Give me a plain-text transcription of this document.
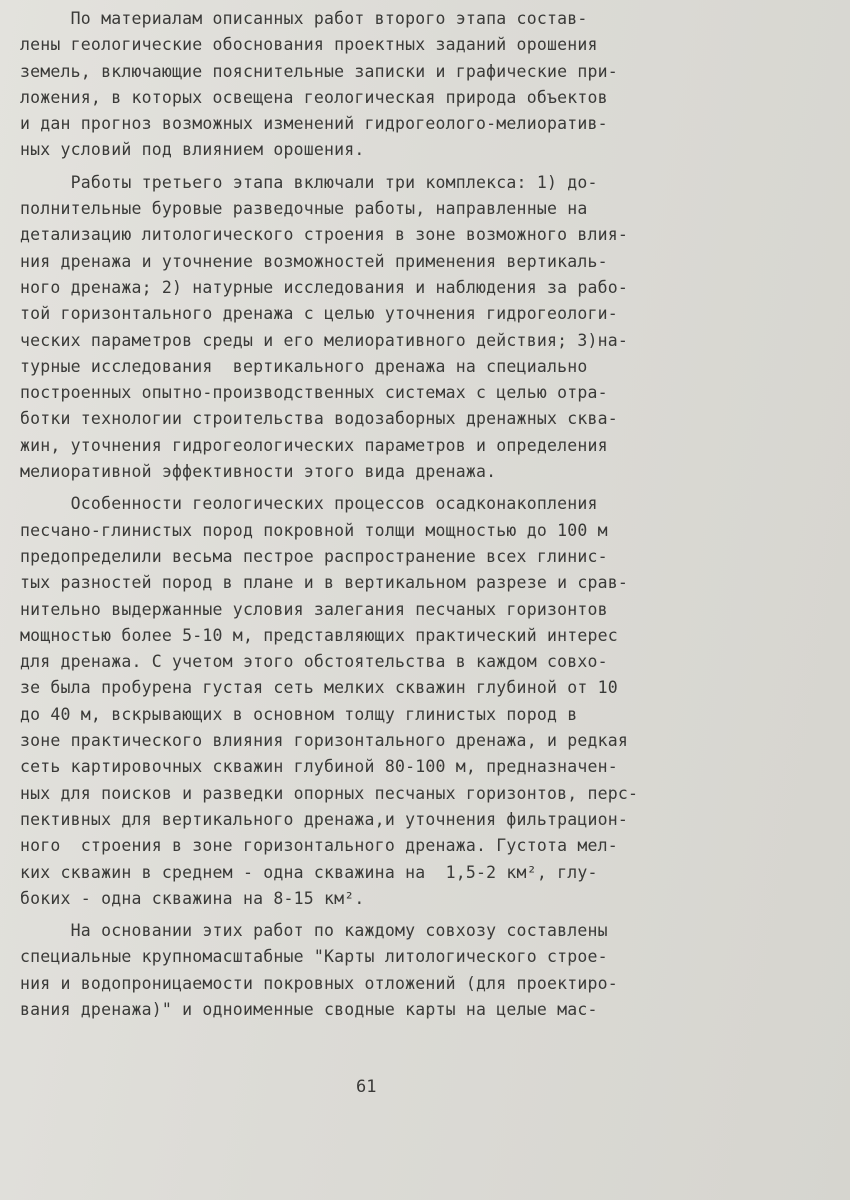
По материалам описанных работ второго этапа состав-
лены геологические обоснования проектных заданий орошения
земель, включающие пояснительные записки и графические при-
ложения, в которых освещена геологическая природа объектов
и дан прогноз возможных изменений гидрогеолого-мелиоратив-
ных условий под влиянием орошения.
Работы третьего этапа включали три комплекса: 1) до-
полнительные буровые разведочные работы, направленные на
детализацию литологического строения в зоне возможного влия-
ния дренажа и уточнение возможностей применения вертикаль-
ного дренажа; 2) натурные исследования и наблюдения за рабо-
той горизонтального дренажа с целью уточнения гидрогеологи-
ческих параметров среды и его мелиоративного действия; 3)на-
турные исследования  вертикального дренажа на специально
построенных опытно-производственных системах с целью отра-
ботки технологии строительства водозаборных дренажных сква-
жин, уточнения гидрогеологических параметров и определения
мелиоративной эффективности этого вида дренажа.
Особенности геологических процессов осадконакопления
песчано-глинистых пород покровной толщи мощностью до 100 м
предопределили весьма пестрое распространение всех глинис-
тых разностей пород в плане и в вертикальном разрезе и срав-
нительно выдержанные условия залегания песчаных горизонтов
мощностью более 5-10 м, представляющих практический интерес
для дренажа. С учетом этого обстоятельства в каждом совхо-
зе была пробурена густая сеть мелких скважин глубиной от 10
до 40 м, вскрывающих в основном толщу глинистых пород в
зоне практического влияния горизонтального дренажа, и редкая
сеть картировочных скважин глубиной 80-100 м, предназначен-
ных для поисков и разведки опорных песчаных горизонтов, перс-
пективных для вертикального дренажа,и уточнения фильтрацион-
ного  строения в зоне горизонтального дренажа. Густота мел-
ких скважин в среднем - одна скважина на  1,5-2 км², глу-
боких - одна скважина на 8-15 км².
На основании этих работ по каждому совхозу составлены
специальные крупномасштабные "Карты литологического строе-
ния и водопроницаемости покровных отложений (для проектиро-
вания дренажа)" и одноименные сводные карты на целые мас-
61
